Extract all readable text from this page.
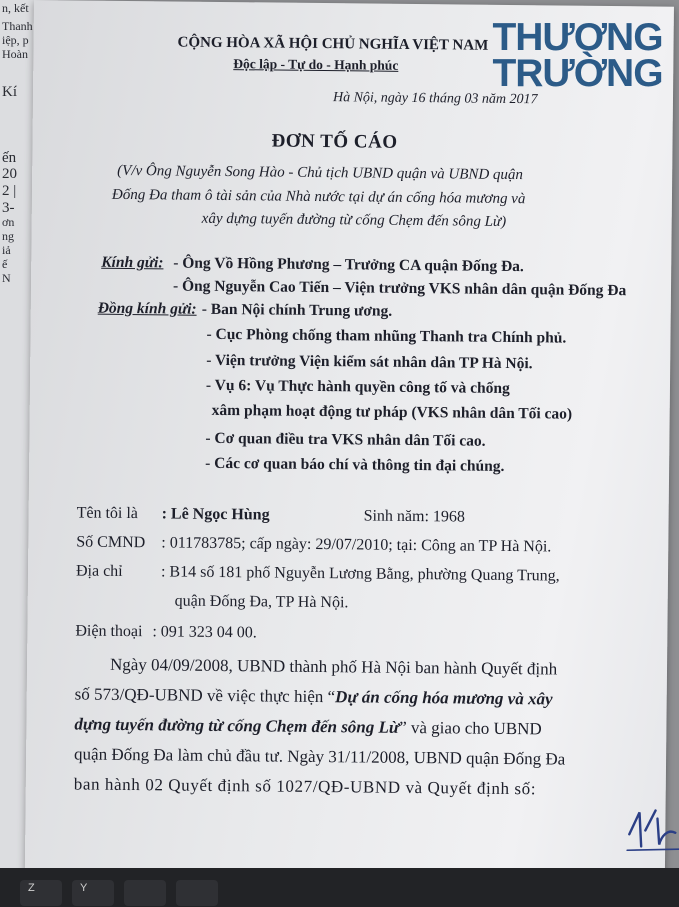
n, kết
Thanh
iệp, p
Hoàn
Kí
ến
20
2 |
3-
ơn
ng
iả
ế
N
CỘNG HÒA XÃ HỘI CHỦ NGHĨA VIỆT NAM
Độc lập - Tự do - Hạnh phúc
Hà Nội, ngày 16 tháng 03 năm 2017
ĐƠN TỐ CÁO
(V/v Ông Nguyễn Song Hào - Chủ tịch UBND quận và UBND quận
Đống Đa tham ô tài sản của Nhà nước tại dự án cống hóa mương và
xây dựng tuyến đường từ cống Chẹm đến sông Lừ)
Kính gửi: - Ông Vồ Hồng Phương – Trưởng CA quận Đống Đa.
- Ông Nguyễn Cao Tiến – Viện trưởng VKS nhân dân quận Đống Đa
Đồng kính gửi: - Ban Nội chính Trung ương.
- Cục Phòng chống tham nhũng Thanh tra Chính phủ.
- Viện trưởng Viện kiểm sát nhân dân TP Hà Nội.
- Vụ 6: Vụ Thực hành quyền công tố và chống
xâm phạm hoạt động tư pháp (VKS nhân dân Tối cao)
- Cơ quan điều tra VKS nhân dân Tối cao.
- Các cơ quan báo chí và thông tin đại chúng.
Tên tôi là : Lê Ngọc Hùng	Sinh năm: 1968
Số CMND : 011783785; cấp ngày: 29/07/2010; tại: Công an TP Hà Nội.
Địa chỉ : B14 số 181 phố Nguyễn Lương Bằng, phường Quang Trung,
quận Đống Đa, TP Hà Nội.
Điện thoại : 091 323 04 00.
Ngày 04/09/2008, UBND thành phố Hà Nội ban hành Quyết định
số 573/QĐ-UBND về việc thực hiện “Dự án cống hóa mương và xây
dựng tuyến đường từ cống Chẹm đến sông Lừ” và giao cho UBND
quận Đống Đa làm chủ đầu tư. Ngày 31/11/2008, UBND quận Đống Đa
ban hành 02 Quyết định số 1027/QĐ-UBND và Quyết định số:
THƯƠNG
TRƯỜNG
Z	Y
